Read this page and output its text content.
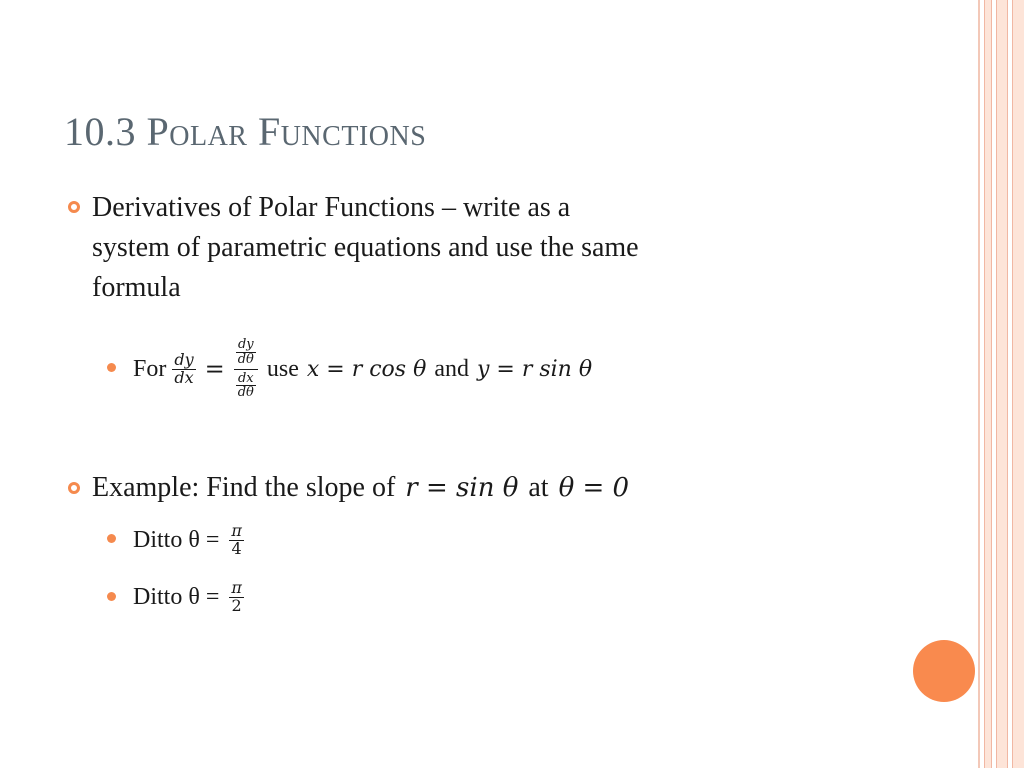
10.3 Polar Functions
Derivatives of Polar Functions – write as a
system of parametric equations and use the same
formula
For $\frac{dy}{dx} = \frac{\frac{dy}{d\theta}}{\frac{dx}{d\theta}}$ use x = r cos θ and y = r sin θ
Example: Find the slope of r = sin θ at θ = 0
Ditto $\theta = \frac{\pi}{4}$
Ditto $\theta = \frac{\pi}{2}$
